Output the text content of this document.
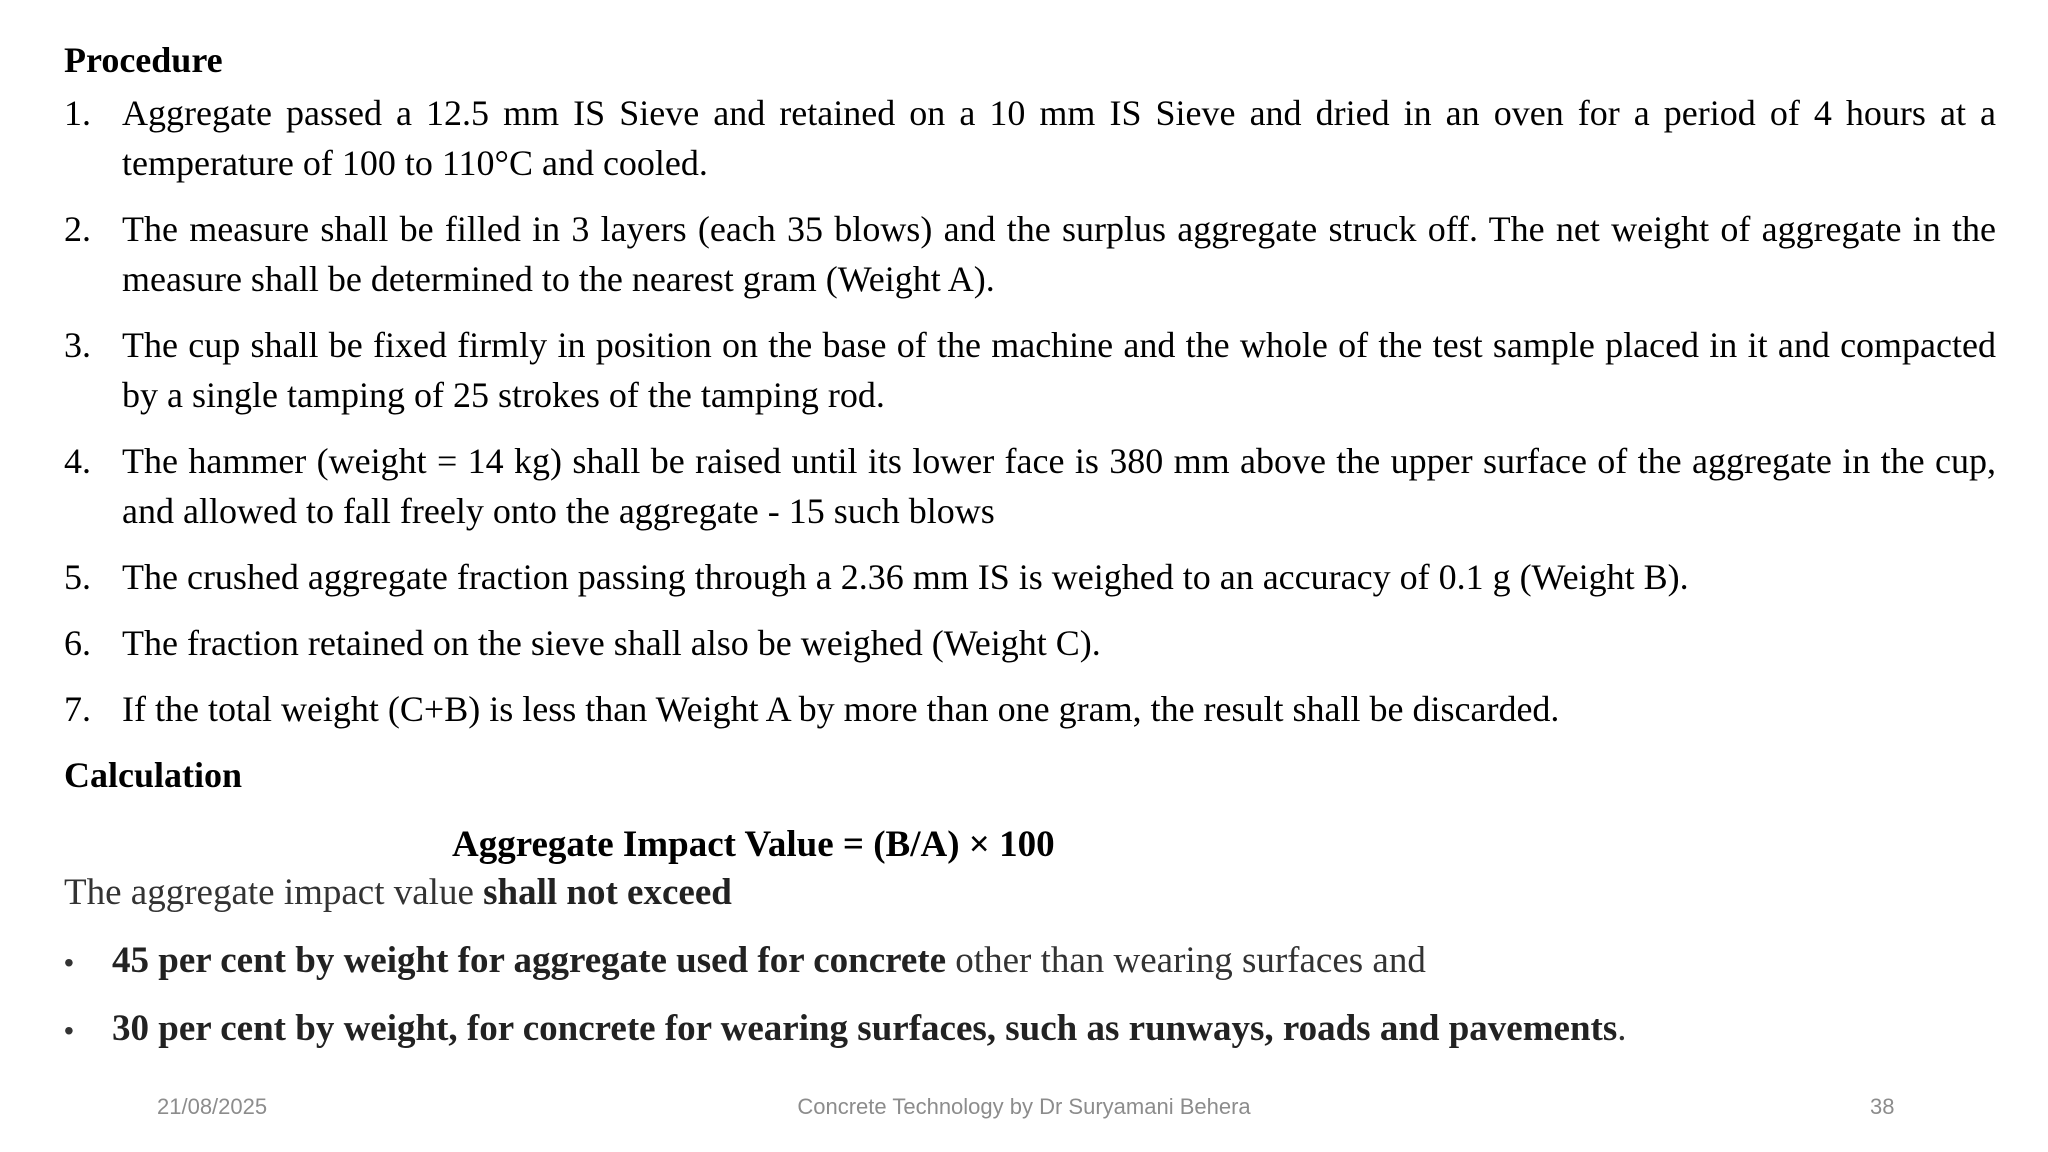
Procedure
1. Aggregate passed a 12.5 mm IS Sieve and retained on a 10 mm IS Sieve and dried in an oven for a period of 4 hours at a temperature of 100 to 110°C and cooled.
2. The measure shall be filled in 3 layers (each 35 blows) and the surplus aggregate struck off. The net weight of aggregate in the measure shall be determined to the nearest gram (Weight A).
3. The cup shall be fixed firmly in position on the base of the machine and the whole of the test sample placed in it and compacted by a single tamping of 25 strokes of the tamping rod.
4. The hammer (weight = 14 kg) shall be raised until its lower face is 380 mm above the upper surface of the aggregate in the cup, and allowed to fall freely onto the aggregate - 15 such blows
5. The crushed aggregate fraction passing through a 2.36 mm IS is weighed to an accuracy of 0.1 g (Weight B).
6. The fraction retained on the sieve shall also be weighed (Weight C).
7. If the total weight (C+B) is less than Weight A by more than one gram, the result shall be discarded.
Calculation
Aggregate Impact Value = (B/A) × 100
The aggregate impact value shall not exceed
•	45 per cent by weight for aggregate used for concrete other than wearing surfaces and
•	30 per cent by weight, for concrete for wearing surfaces, such as runways, roads and pavements.
21/08/2025	Concrete Technology by Dr Suryamani Behera	38
